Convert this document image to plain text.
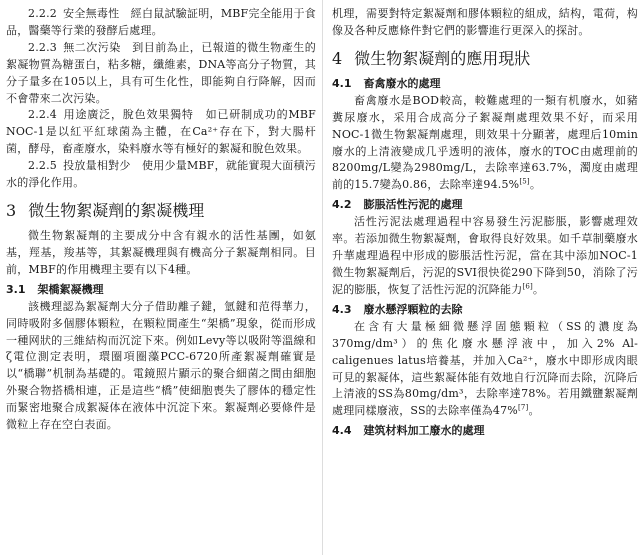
2.2.2 安全無毒性　經白鼠試驗証明，MBF完全能用于食品，醫藥等行業的發酵后處理。

2.2.3 無二次污染　到目前為止，已報道的微生物產生的絮凝物質為糖蛋白，粘多糖，纖維素，DNA等高分子物質，其分子量多在105以上，具有可生化性，即能夠自行降解，因而不會帶來二次污染。

2.2.4 用途廣泛，脫色效果獨特　如已研制成功的MBF NOC-1是以紅平紅球菌為主體，在Ca²⁺存在下，對大腸杆菌，酵母，畜產廢水，染料廢水等有極好的絮凝和脫色效果。

2.2.5 投放量相對少　使用少量MBF，就能實現大面積污水的淨化作用。

3 微生物絮凝劑的絮凝機理

微生物絮凝劑的主要成分中含有親水的活性基團，如氨基，羥基，羧基等，其絮凝機理與有機高分子絮凝劑相同。目前，MBF的作用機理主要有以下4種。

3.1 架橋絮凝機理

該機理認為絮凝劑大分子借助離子鍵，氫鍵和范得華力，同時吸附多個膠体顆粒，在顆粒間產生“架橋”現象，從而形成一種网狀的三維結构而沉淀下來。例如Levy等以吸附等溫線和ζ電位測定表明，環圈項圈藻PCC-6720所產絮凝劑確實是以“橋聯”机制為基礎的。電鏡照片顯示的聚合細菌之間由細胞外聚合物搭橋相連，正是這些“橋”使細胞喪失了膠体的穩定性而緊密地聚合成絮凝体在液体中沉淀下來。絮凝劑必要條件是微粒上存在空白表面。

机理，需要對特定絮凝劑和膠体顆粒的組成，結构，電荷，构像及各种反應條件對它們的影響進行更深入的探討。

4 微生物絮凝劑的應用現狀
4.1 畜禽廢水的處理

畜禽廢水是BOD較高，較難處理的一類有机廢水，如豬糞尿廢水，采用合成高分子絮凝劑處理效果不好，而采用NOC-1微生物絮凝劑處理，則效果十分顯著，處理后10min廢水的上清液變成几乎透明的液体，廢水的TOC由處理前的8200mg/L變為2980mg/L，去除率達63.7%，濁度由處理前的15.7變為0.86，去除率達94.5%[5]。

4.2 膨脹活性污泥的處理

活性污泥法處理過程中容易發生污泥膨脹，影響處理效率。若添加微生物絮凝劑，會取得良好效果。如千草制藥廢水升華處理過程中形成的膨脹活性污泥，當在其中添加NOC-1微生物絮凝劑后，污泥的SVI很快從290下降到50，消除了污泥的膨脹，恢复了活性污泥的沉降能力[6]。

4.3 廢水懸浮顆粒的去除

在含有大量極細微懸浮固態顆粒（SS的濃度為370mg/dm³）的焦化廢水懸浮液中，加入2% Al-caligenues latus培養基，并加入Ca²⁺，廢水中即形成肉眼可見的絮凝体，這些絮凝体能有效地自行沉降而去除，沉降后上清液的SS為80mg/dm³，去除率達78%。若用鐵鹽絮凝劑處理同樣廢液，SS的去除率僅為47%[7]。

4.4 建筑材料加工廢水的處理
